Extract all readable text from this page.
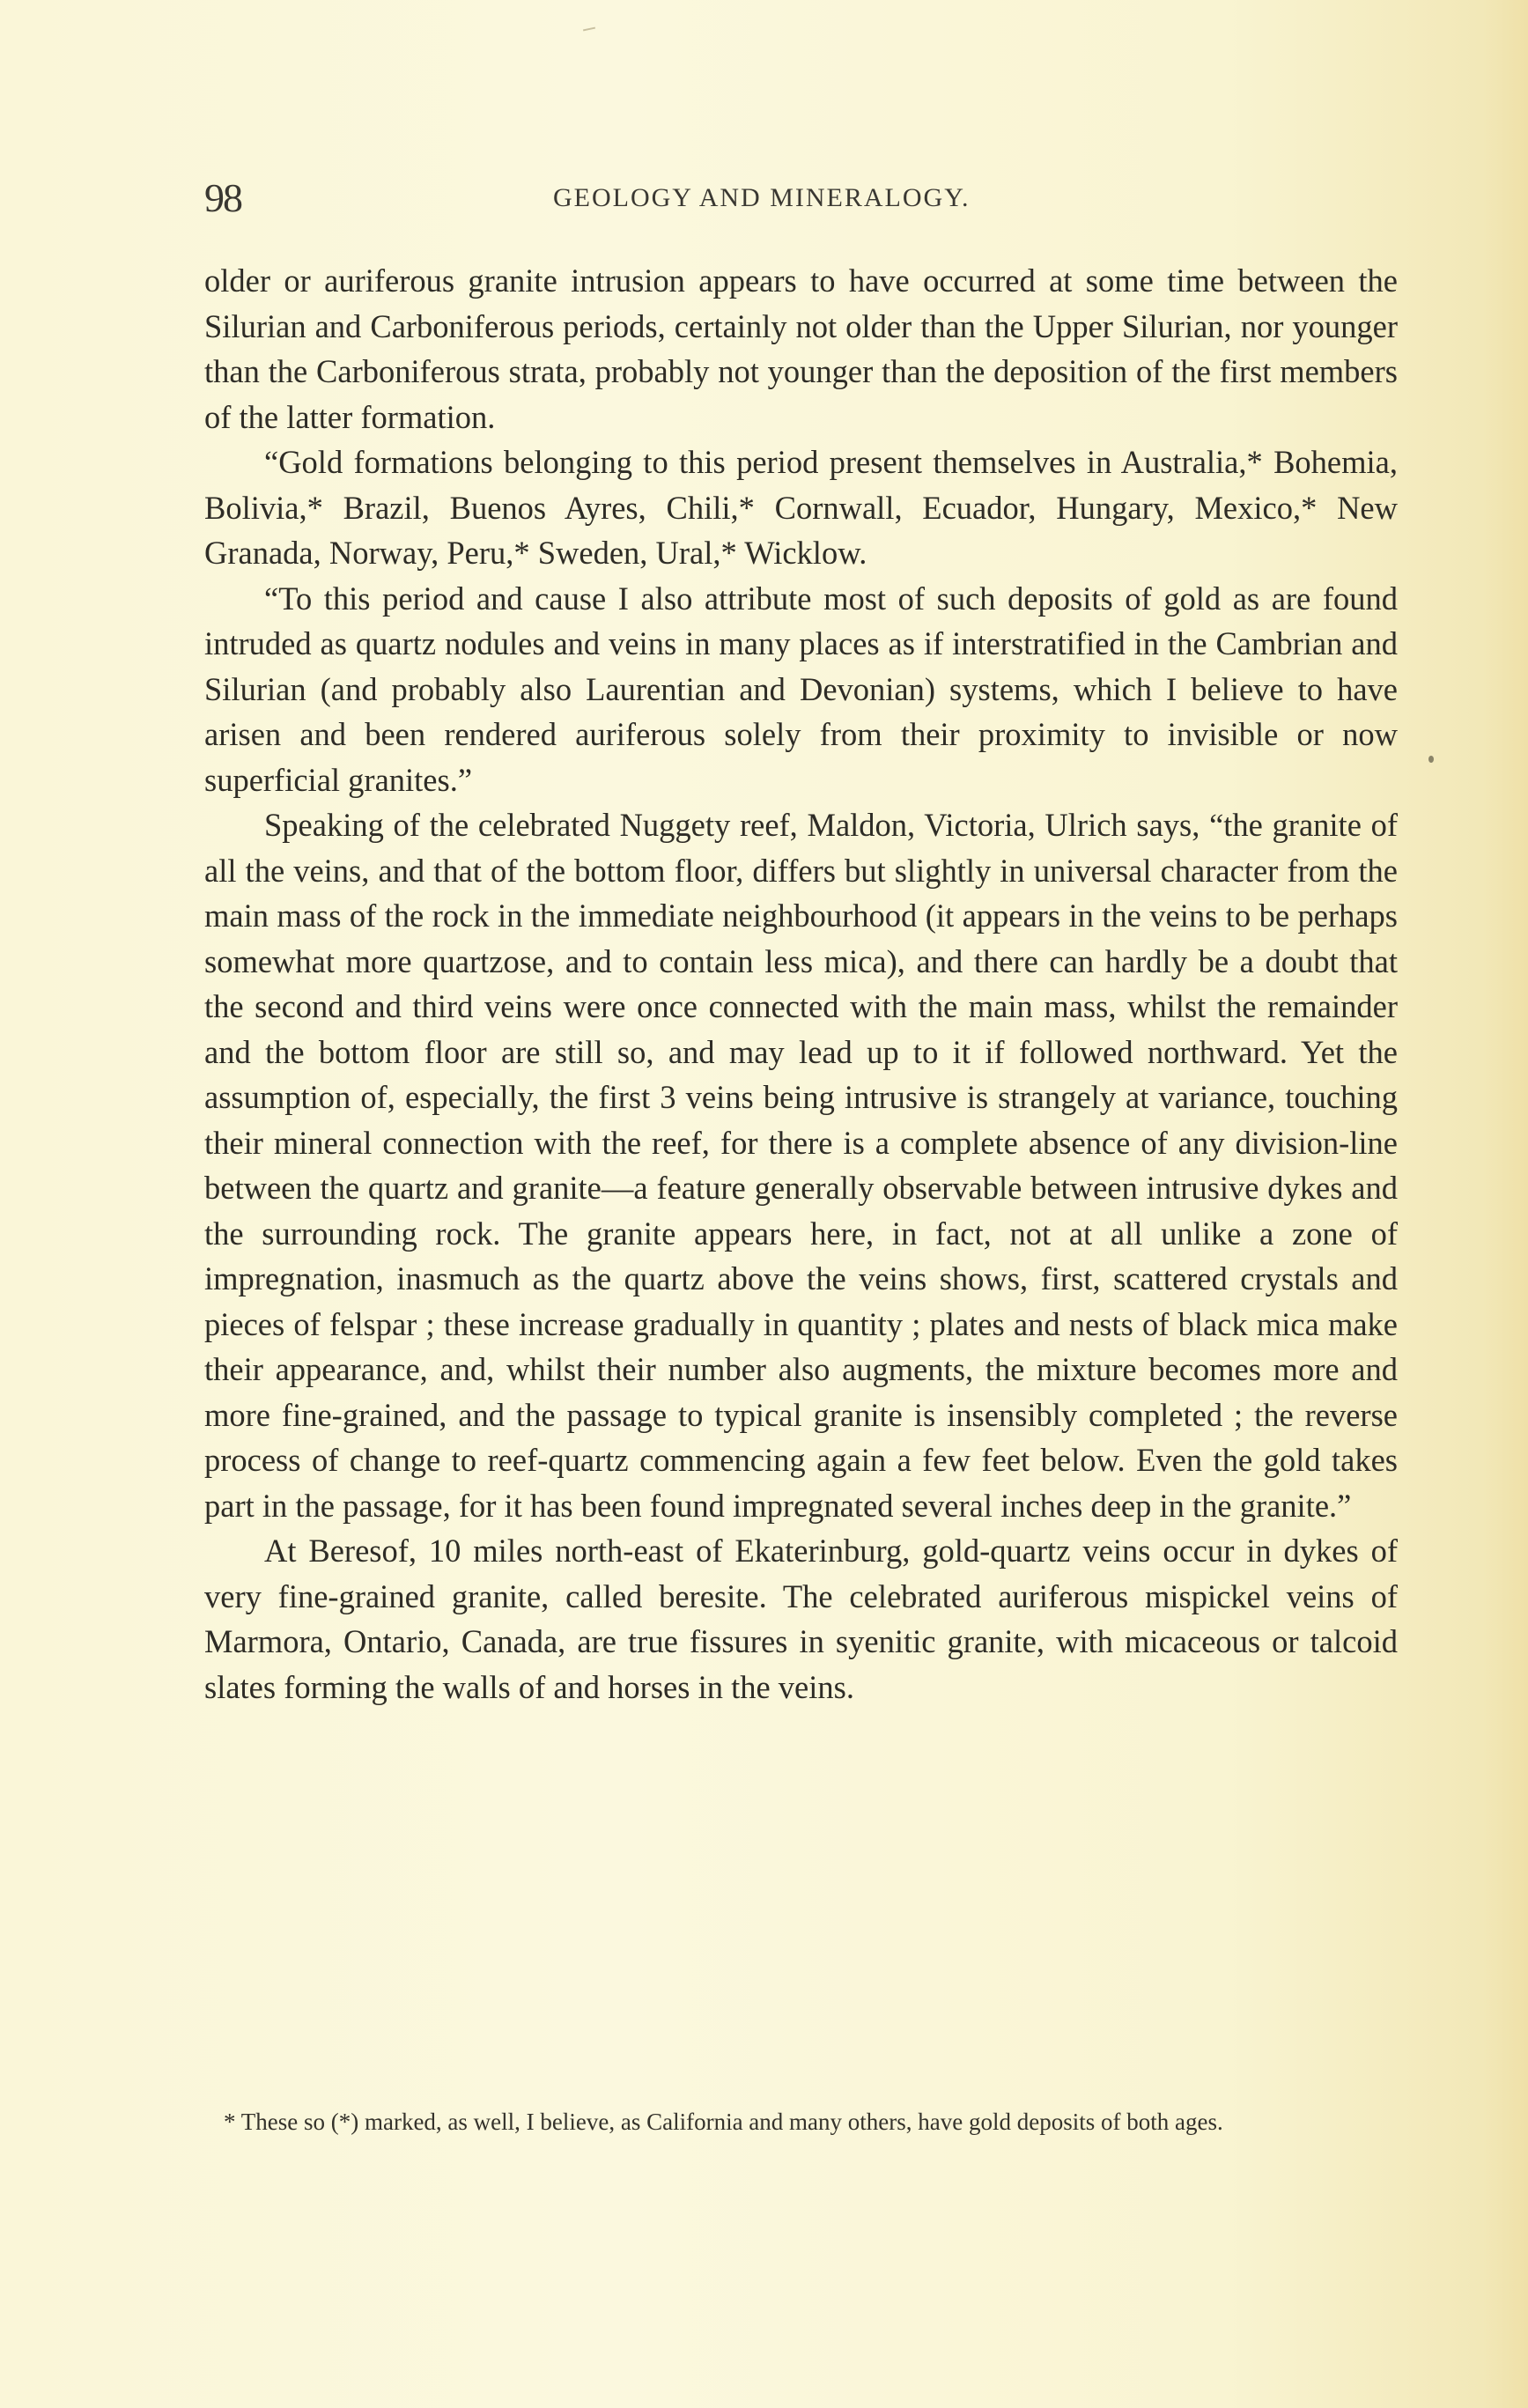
98	GEOLOGY AND MINERALOGY.

older or auriferous granite intrusion appears to have occurred at some time between the Silurian and Carboniferous periods, certainly not older than the Upper Silurian, nor younger than the Carboniferous strata, probably not younger than the deposition of the first members of the latter formation.

“Gold formations belonging to this period present themselves in Australia,* Bohemia, Bolivia,* Brazil, Buenos Ayres, Chili,* Cornwall, Ecuador, Hungary, Mexico,* New Granada, Norway, Peru,* Sweden, Ural,* Wicklow.

“To this period and cause I also attribute most of such deposits of gold as are found intruded as quartz nodules and veins in many places as if interstratified in the Cambrian and Silurian (and probably also Laurentian and Devonian) systems, which I believe to have arisen and been rendered auriferous solely from their proximity to invisible or now superficial granites.”

Speaking of the celebrated Nuggety reef, Maldon, Victoria, Ulrich says, “the granite of all the veins, and that of the bottom floor, differs but slightly in universal character from the main mass of the rock in the immediate neighbourhood (it appears in the veins to be perhaps somewhat more quartzose, and to contain less mica), and there can hardly be a doubt that the second and third veins were once connected with the main mass, whilst the remainder and the bottom floor are still so, and may lead up to it if followed northward. Yet the assumption of, especially, the first 3 veins being intrusive is strangely at variance, touching their mineral connection with the reef, for there is a complete absence of any division-line between the quartz and granite—a feature generally observable between intrusive dykes and the surrounding rock. The granite appears here, in fact, not at all unlike a zone of impregnation, inasmuch as the quartz above the veins shows, first, scattered crystals and pieces of felspar ; these increase gradually in quantity ; plates and nests of black mica make their appearance, and, whilst their number also augments, the mixture becomes more and more fine-grained, and the passage to typical granite is insensibly completed ; the reverse process of change to reef-quartz commencing again a few feet below. Even the gold takes part in the passage, for it has been found impregnated several inches deep in the granite.”

At Beresof, 10 miles north-east of Ekaterinburg, gold-quartz veins occur in dykes of very fine-grained granite, called beresite. The celebrated auriferous mispickel veins of Marmora, Ontario, Canada, are true fissures in syenitic granite, with micaceous or talcoid slates forming the walls of and horses in the veins.

* These so (*) marked, as well, I believe, as California and many others, have gold deposits of both ages.
